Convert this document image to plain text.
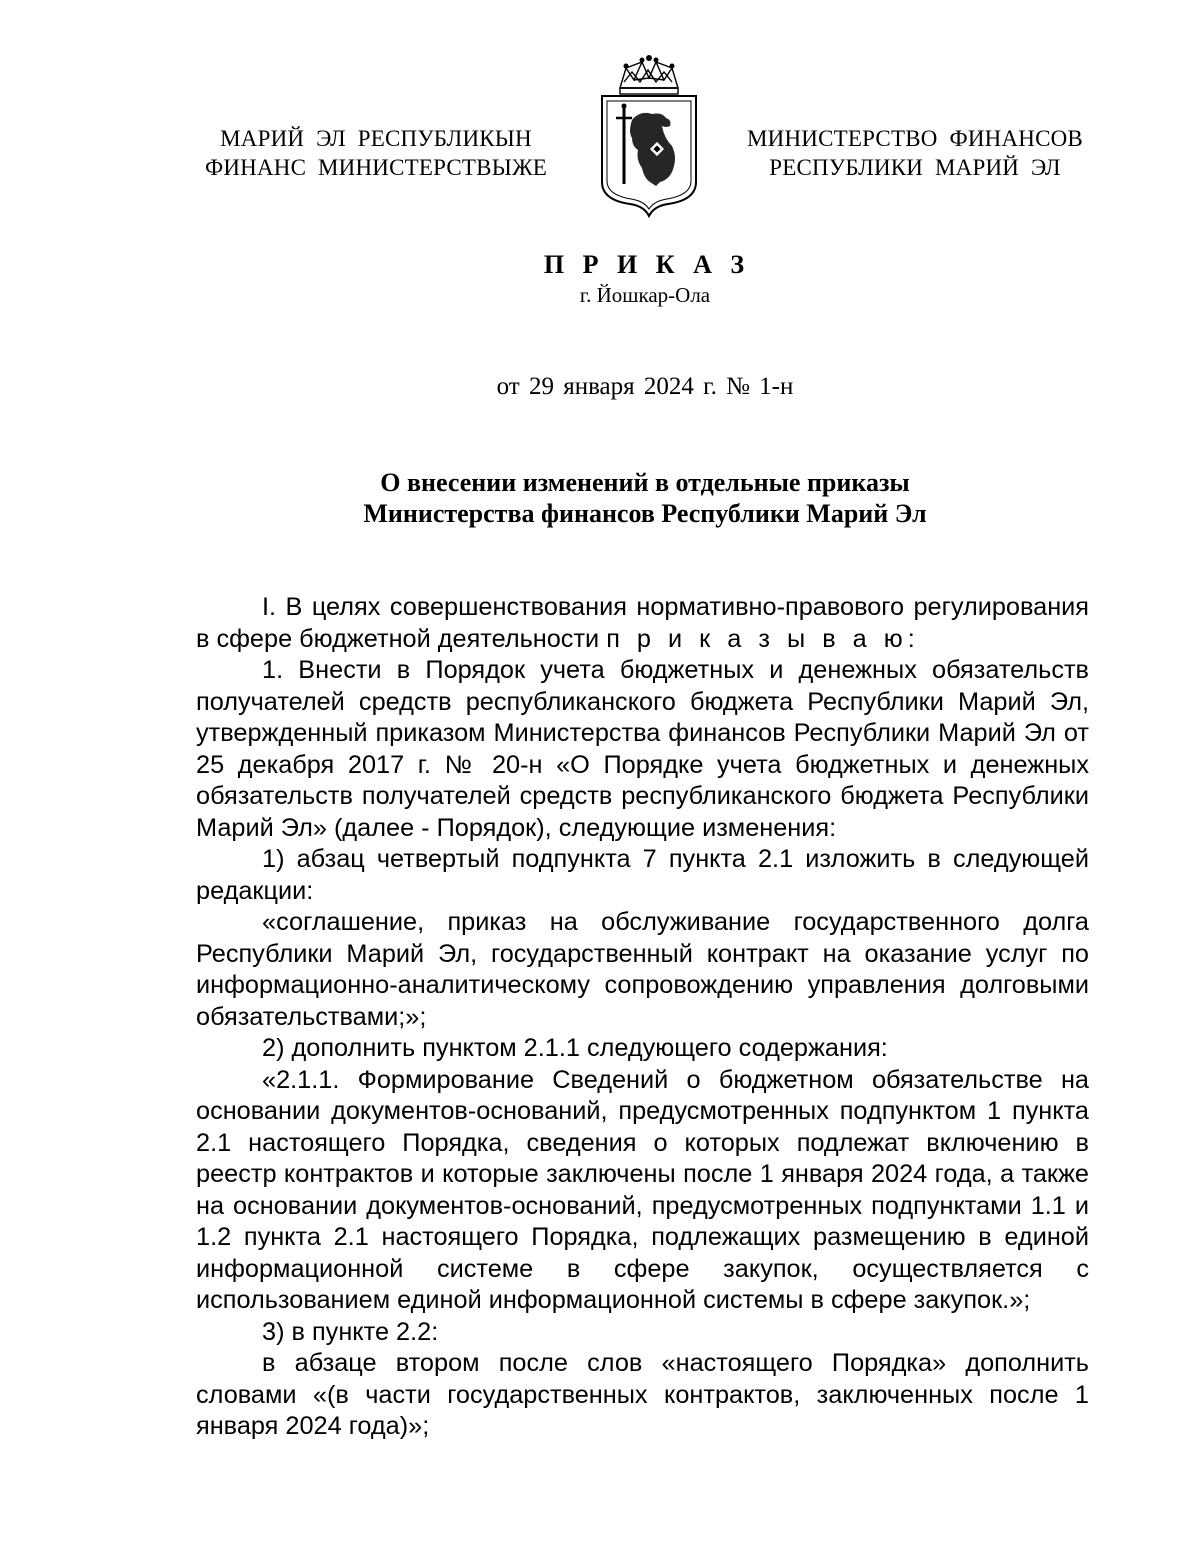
МАРИЙ  ЭЛ  РЕСПУБЛИКЫН
ФИНАНС  МИНИСТЕРСТВЫЖЕ
МИНИСТЕРСТВО  ФИНАНСОВ
РЕСПУБЛИКИ  МАРИЙ  ЭЛ
П Р И К А З
г. Йошкар-Ола
от 29 января 2024 г. № 1-н
О внесении изменений в отдельные приказы
Министерства финансов Республики Марий Эл

I. В целях совершенствования нормативно-правового регулирования в сфере бюджетной деятельности п р и к а з ы в а ю:

1. Внести в Порядок учета бюджетных и денежных обязательств получателей средств республиканского бюджета Республики Марий Эл, утвержденный приказом Министерства финансов Республики Марий Эл от 25 декабря 2017 г. № 20-н «О Порядке учета бюджетных и денежных обязательств получателей средств республиканского бюджета Республики Марий Эл» (далее - Порядок), следующие изменения:

1) абзац четвертый подпункта 7 пункта 2.1 изложить в следующей редакции:

«соглашение, приказ на обслуживание государственного долга Республики Марий Эл, государственный контракт на оказание услуг по информационно-аналитическому сопровождению управления долговыми обязательствами;»;

2) дополнить пунктом 2.1.1 следующего содержания:

«2.1.1. Формирование Сведений о бюджетном обязательстве на основании документов-оснований, предусмотренных подпунктом 1 пункта 2.1 настоящего Порядка, сведения о которых подлежат включению в реестр контрактов и которые заключены после 1 января 2024 года, а также на основании документов-оснований, предусмотренных подпунктами 1.1 и 1.2 пункта 2.1 настоящего Порядка, подлежащих размещению в единой информационной системе в сфере закупок, осуществляется с использованием единой информационной системы в сфере закупок.»;

3) в пункте 2.2:

в абзаце втором после слов «настоящего Порядка» дополнить словами «(в части государственных контрактов, заключенных после 1 января 2024 года)»;
